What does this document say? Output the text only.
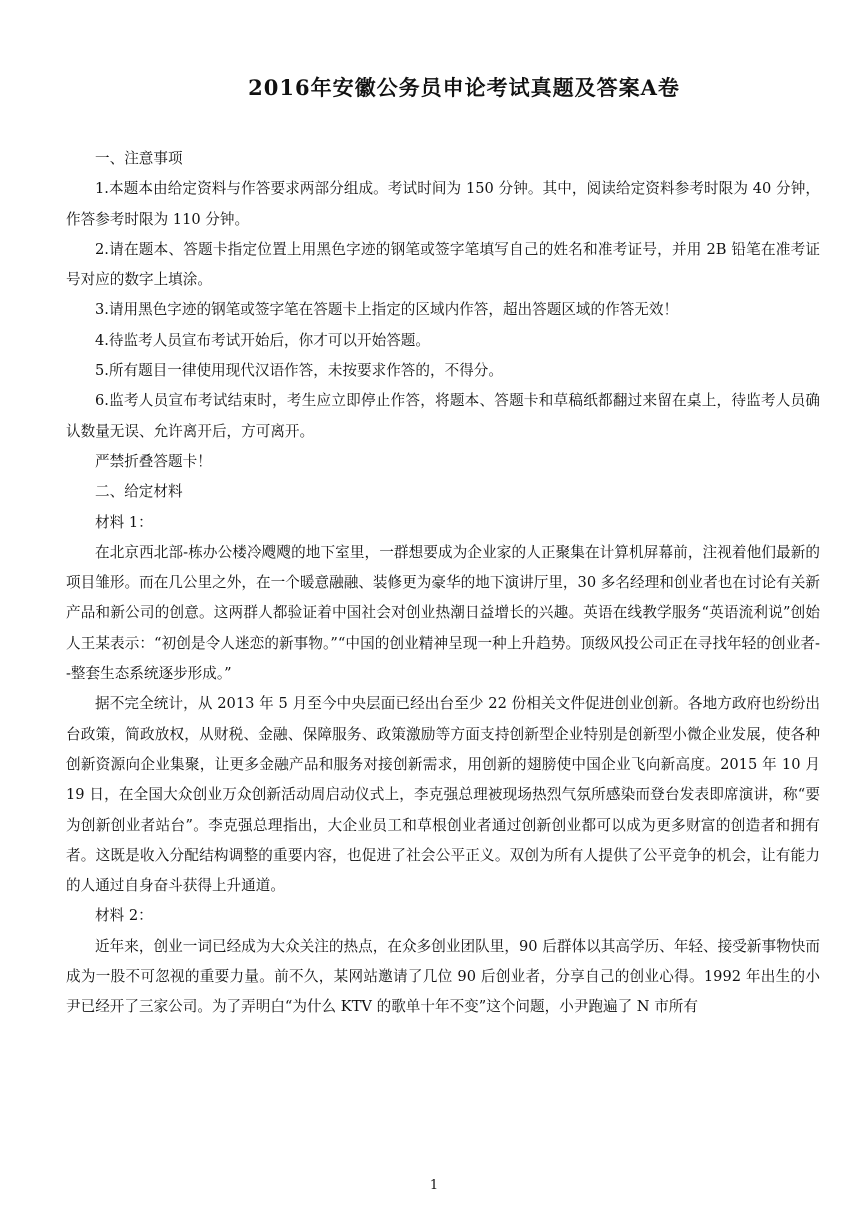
2016年安徽公务员申论考试真题及答案A卷

一、注意事项

1.本题本由给定资料与作答要求两部分组成。考试时间为 150 分钟。其中，阅读给定资料参考时限为 40 分钟，作答参考时限为 110 分钟。

2.请在题本、答题卡指定位置上用黑色字迹的钢笔或签字笔填写自己的姓名和准考证号，并用 2B 铅笔在准考证号对应的数字上填涂。

3.请用黑色字迹的钢笔或签字笔在答题卡上指定的区域内作答，超出答题区域的作答无效！

4.待监考人员宣布考试开始后，你才可以开始答题。

5.所有题目一律使用现代汉语作答，未按要求作答的，不得分。

6.监考人员宣布考试结束时，考生应立即停止作答，将题本、答题卡和草稿纸都翻过来留在桌上，待监考人员确认数量无误、允许离开后，方可离开。

严禁折叠答题卡！

二、给定材料

材料 1：

在北京西北部-栋办公楼冷飕飕的地下室里，一群想要成为企业家的人正聚集在计算机屏幕前，注视着他们最新的项目雏形。而在几公里之外，在一个暖意融融、装修更为豪华的地下演讲厅里，30 多名经理和创业者也在讨论有关新产品和新公司的创意。这两群人都验证着中国社会对创业热潮日益增长的兴趣。英语在线教学服务“英语流利说”创始人王某表示：“初创是令人迷恋的新事物。”“中国的创业精神呈现一种上升趋势。顶级风投公司正在寻找年轻的创业者--整套生态系统逐步形成。”

据不完全统计，从 2013 年 5 月至今中央层面已经出台至少 22 份相关文件促进创业创新。各地方政府也纷纷出台政策，简政放权，从财税、金融、保障服务、政策激励等方面支持创新型企业特别是创新型小微企业发展，使各种创新资源向企业集聚，让更多金融产品和服务对接创新需求，用创新的翅膀使中国企业飞向新高度。2015 年 10 月 19 日，在全国大众创业万众创新活动周启动仪式上，李克强总理被现场热烈气氛所感染而登台发表即席演讲，称“要为创新创业者站台”。李克强总理指出，大企业员工和草根创业者通过创新创业都可以成为更多财富的创造者和拥有者。这既是收入分配结构调整的重要内容，也促进了社会公平正义。双创为所有人提供了公平竞争的机会，让有能力的人通过自身奋斗获得上升通道。

材料 2：

近年来，创业一词已经成为大众关注的热点，在众多创业团队里，90 后群体以其高学历、年轻、接受新事物快而成为一股不可忽视的重要力量。前不久，某网站邀请了几位 90 后创业者，分享自己的创业心得。1992 年出生的小尹已经开了三家公司。为了弄明白“为什么 KTV 的歌单十年不变”这个问题，小尹跑遍了 N 市所有

1
